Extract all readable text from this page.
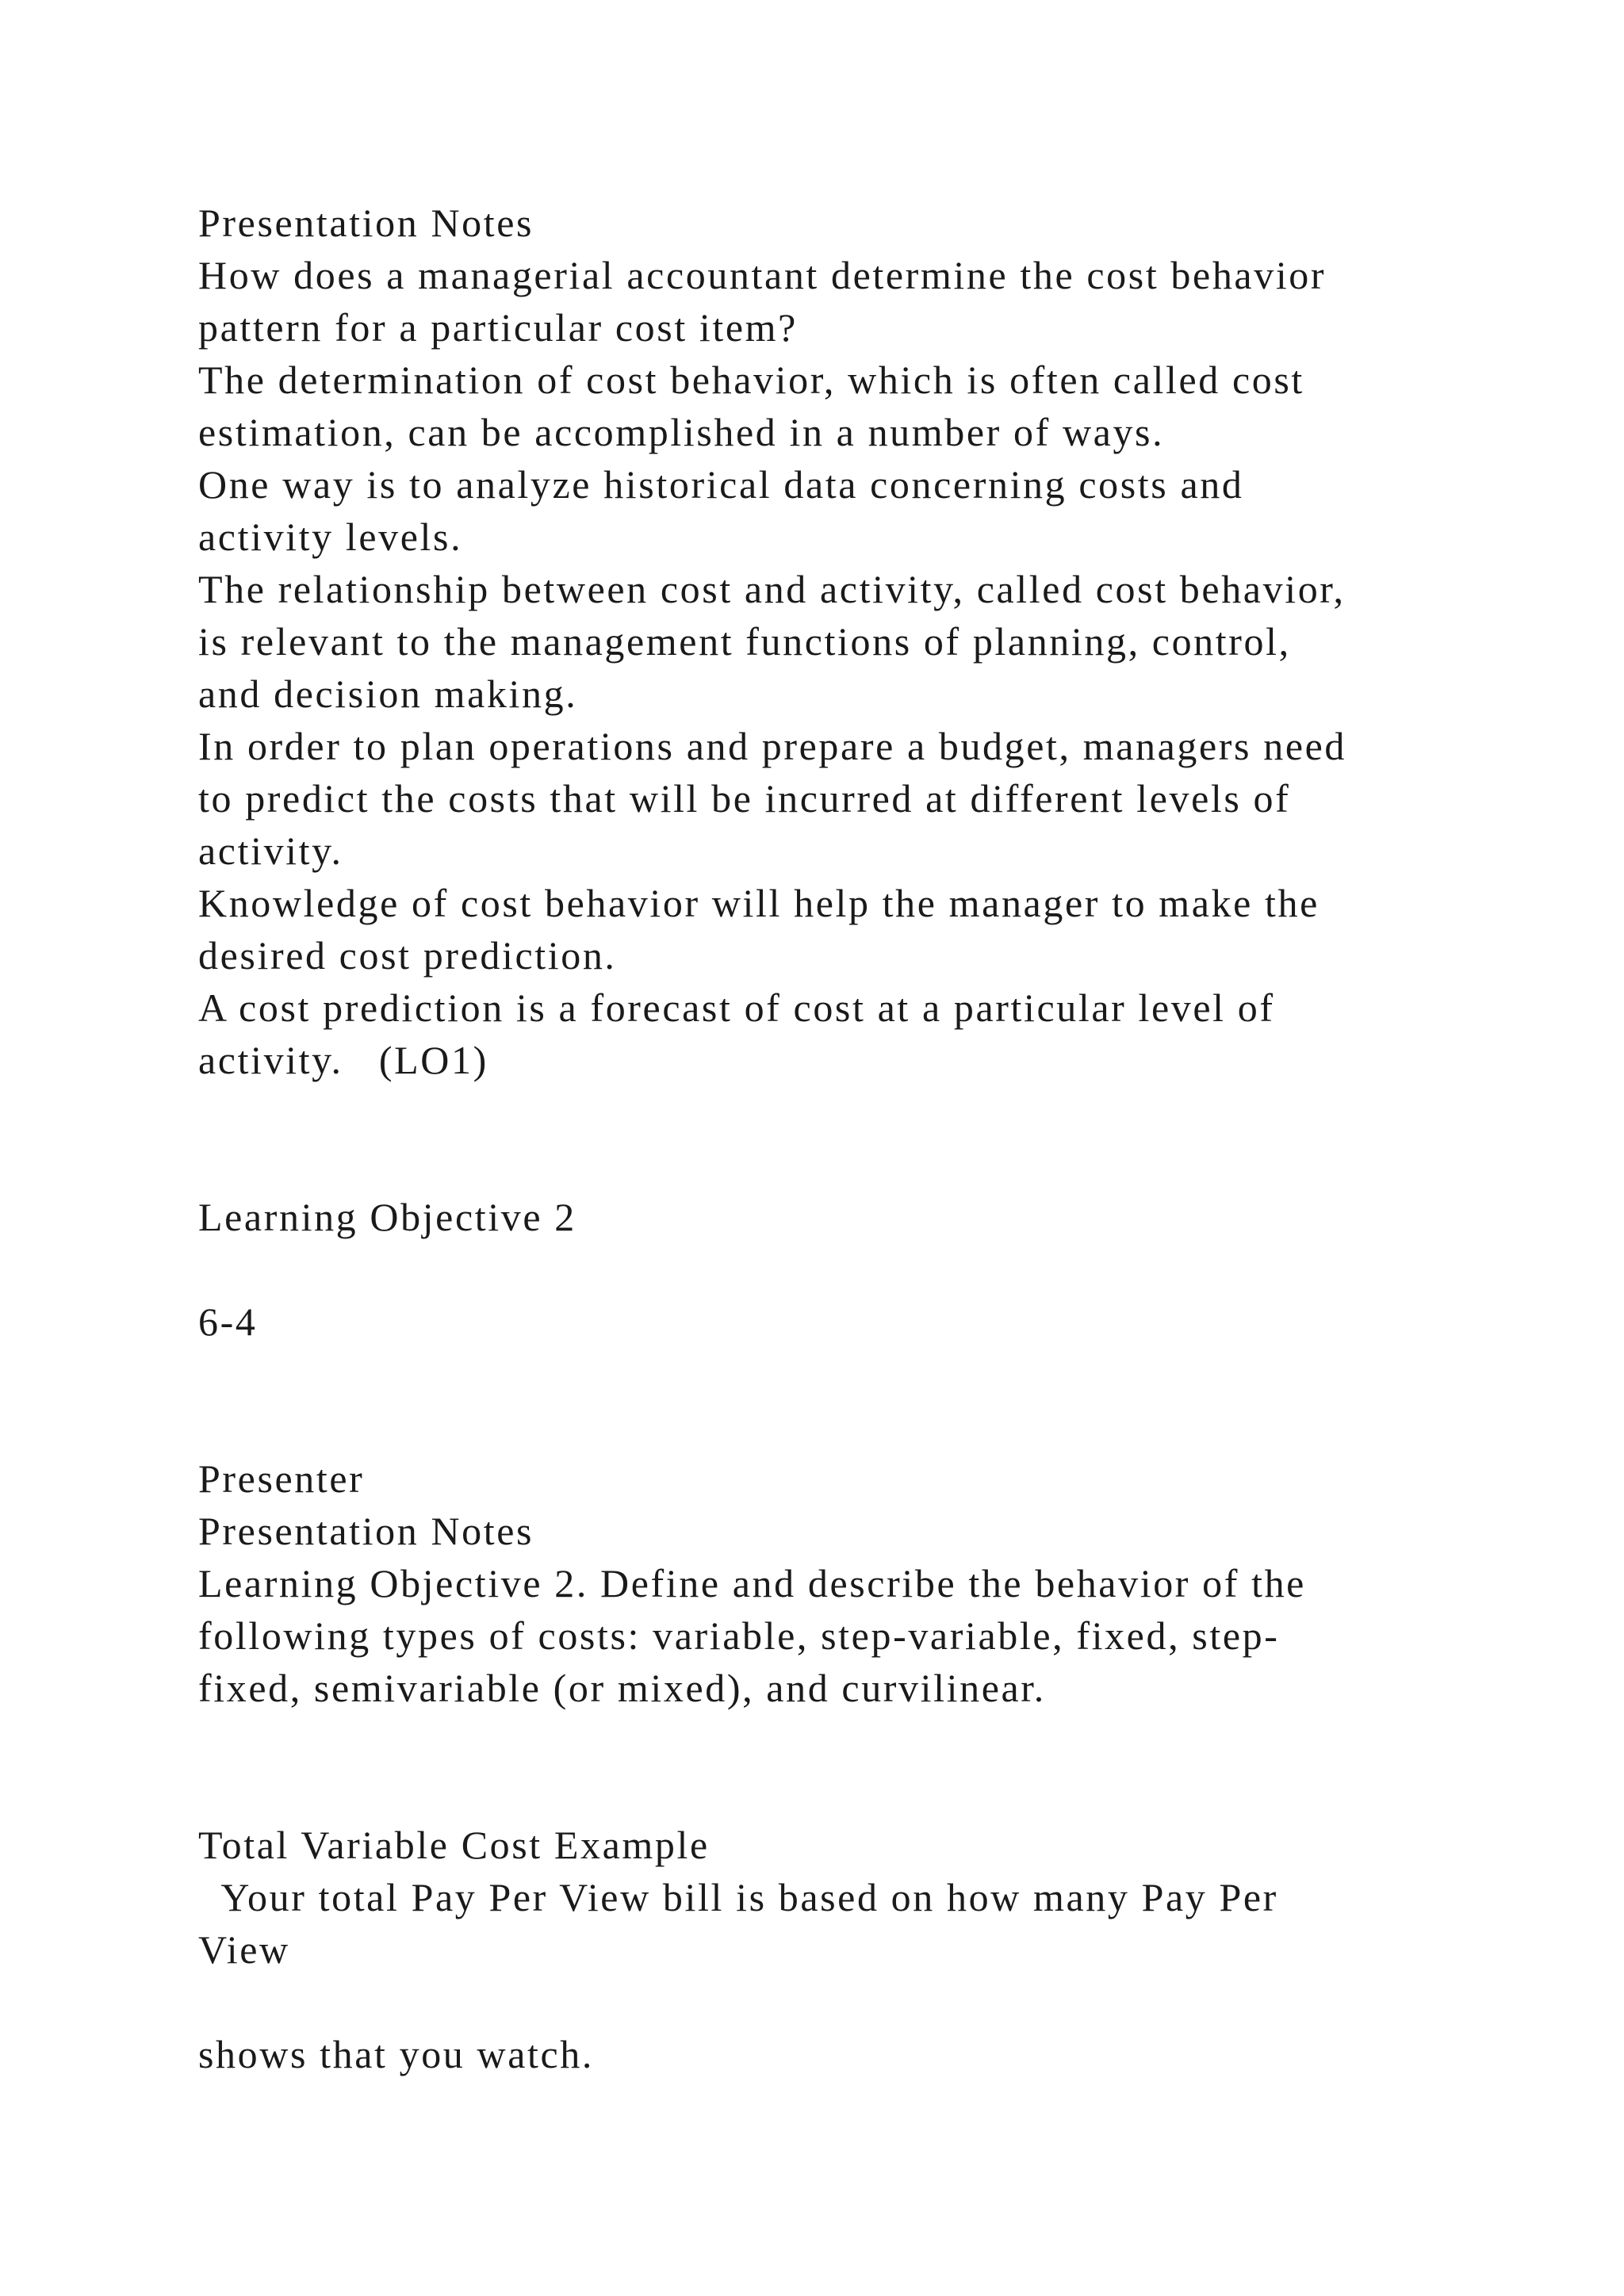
Presentation Notes
How does a managerial accountant determine the cost behavior
pattern for a particular cost item?
The determination of cost behavior, which is often called cost
estimation, can be accomplished in a number of ways.
One way is to analyze historical data concerning costs and
activity levels.
The relationship between cost and activity, called cost behavior,
is relevant to the management functions of planning, control,
and decision making.
In order to plan operations and prepare a budget, managers need
to predict the costs that will be incurred at different levels of
activity.
Knowledge of cost behavior will help the manager to make the
desired cost prediction.
A cost prediction is a forecast of cost at a particular level of
activity.   (LO1)
Learning Objective 2
6-4
Presenter
Presentation Notes
Learning Objective 2. Define and describe the behavior of the
following types of costs: variable, step-variable, fixed, step-
fixed, semivariable (or mixed), and curvilinear.
Total Variable Cost Example
Your total Pay Per View bill is based on how many Pay Per
View
shows that you watch.
